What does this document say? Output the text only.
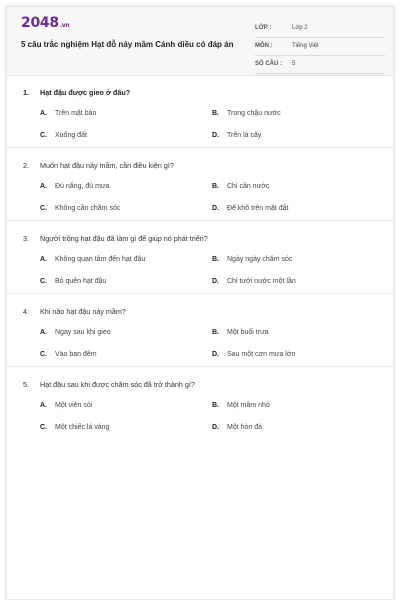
2048.vn
5 câu trắc nghiệm Hạt đỗ nảy mầm Cánh diều có đáp án
LỚP :	Lớp 2
MÔN :	Tiếng Việt
SỐ CÂU : 5
1. Hạt đậu được gieo ở đâu?
A. Trên mặt bàn	B. Trong chậu nước
C. Xuống đất	D. Trên lá cây
2. Muốn hạt đậu nảy mầm, cần điều kiện gì?
A. Đủ nắng, đủ mưa	B. Chỉ cần nước
C. Không cần chăm sóc	D. Để khô trên mặt đất
3. Người trồng hạt đậu đã làm gì để giúp nó phát triển?
A. Không quan tâm đến hạt đậu	B. Ngày ngày chăm sóc
C. Bỏ quên hạt đậu	D. Chỉ tưới nước một lần
4. Khi nào hạt đậu nảy mầm?
A. Ngay sau khi gieo	B. Một buổi trưa
C. Vào ban đêm	D. Sau một cơn mưa lớn
5. Hạt đậu sau khi được chăm sóc đã trở thành gì?
A. Một viên sỏi	B. Một mầm nhỏ
C. Một chiếc lá vàng	D. Một hòn đá
